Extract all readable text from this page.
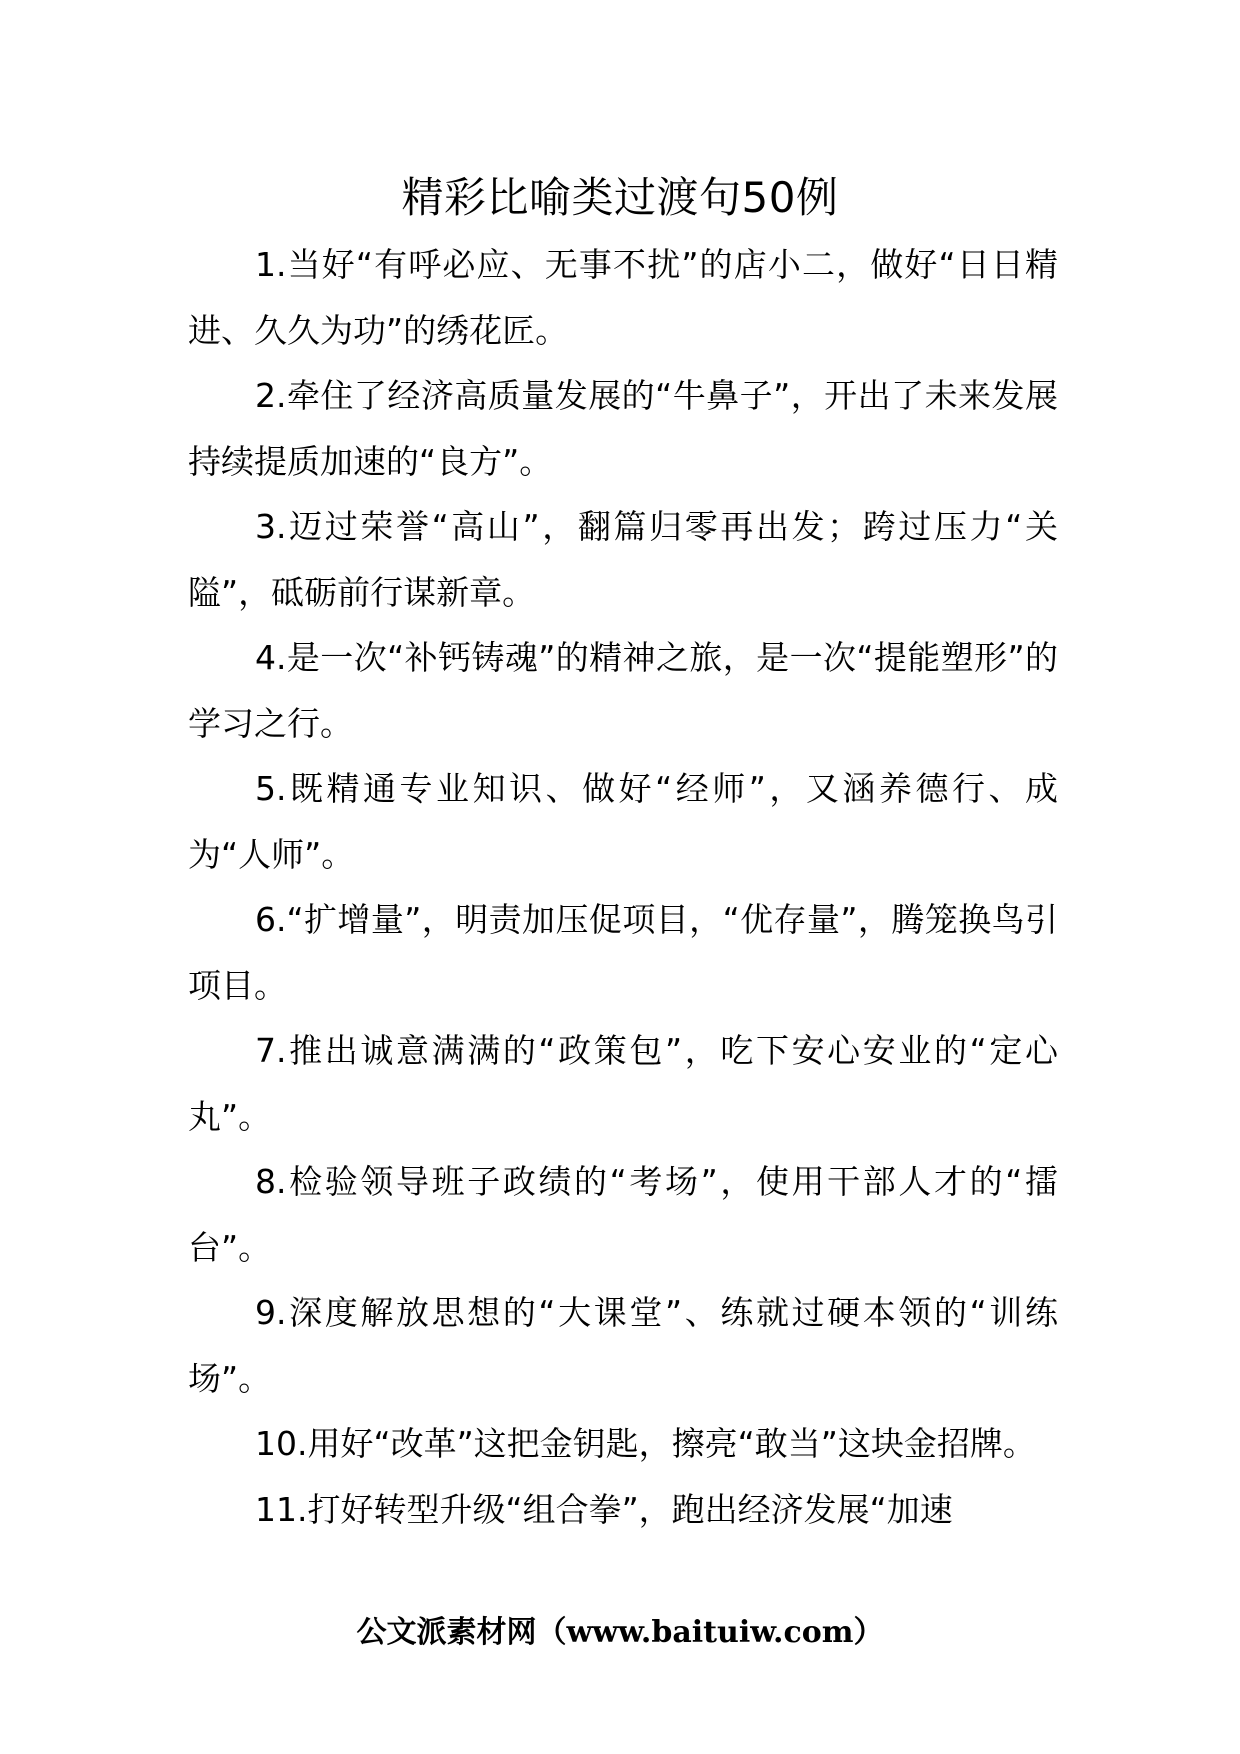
精彩比喻类过渡句50例

1.当好“有呼必应、无事不扰”的店小二，做好“日日精进、久久为功”的绣花匠。

2.牵住了经济高质量发展的“牛鼻子”，开出了未来发展持续提质加速的“良方”。

3.迈过荣誉“高山”，翻篇归零再出发；跨过压力“关隘”，砥砺前行谋新章。

4.是一次“补钙铸魂”的精神之旅，是一次“提能塑形”的学习之行。

5.既精通专业知识、做好“经师”，又涵养德行、成为“人师”。

6.“扩增量”，明责加压促项目，“优存量”，腾笼换鸟引项目。

7.推出诚意满满的“政策包”，吃下安心安业的“定心丸”。

8.检验领导班子政绩的“考场”，使用干部人才的“擂台”。

9.深度解放思想的“大课堂”、练就过硬本领的“训练场”。

10.用好“改革”这把金钥匙，擦亮“敢当”这块金招牌。

11.打好转型升级“组合拳”，跑出经济发展“加速

公文派素材网（www.baituiw.com）
